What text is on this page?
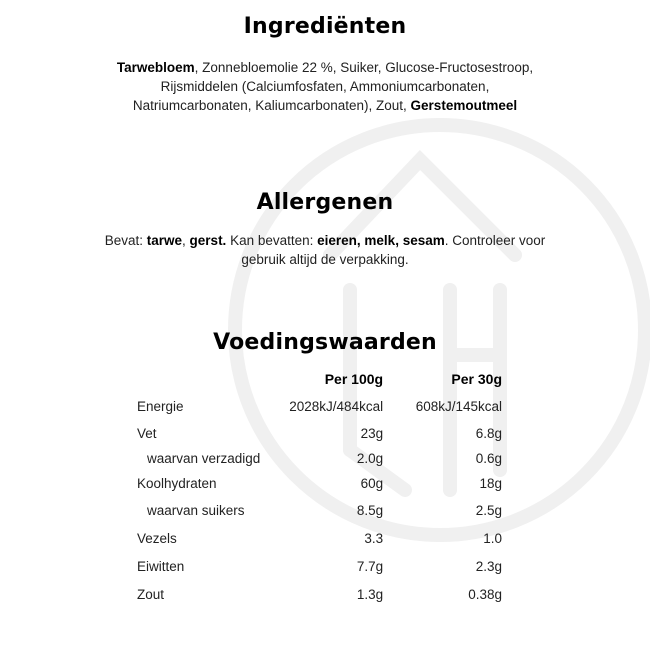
Ingrediënten
Tarwebloem, Zonnebloemolie 22 %, Suiker, Glucose-Fructosestroop, Rijsmiddelen (Calciumfosfaten, Ammoniumcarbonaten, Natriumcarbonaten, Kaliumcarbonaten), Zout, Gerstemoutmeel
Allergenen
Bevat: tarwe, gerst. Kan bevatten: eieren, melk, sesam. Controleer voor gebruik altijd de verpakking.
Voedingswaarden
	Per 100g	Per 30g
Energie	2028kJ/484kcal	608kJ/145kcal
Vet	23g	6.8g
waarvan verzadigd	2.0g	0.6g
Koolhydraten	60g	18g
waarvan suikers	8.5g	2.5g
Vezels	3.3	1.0
Eiwitten	7.7g	2.3g
Zout	1.3g	0.38g
